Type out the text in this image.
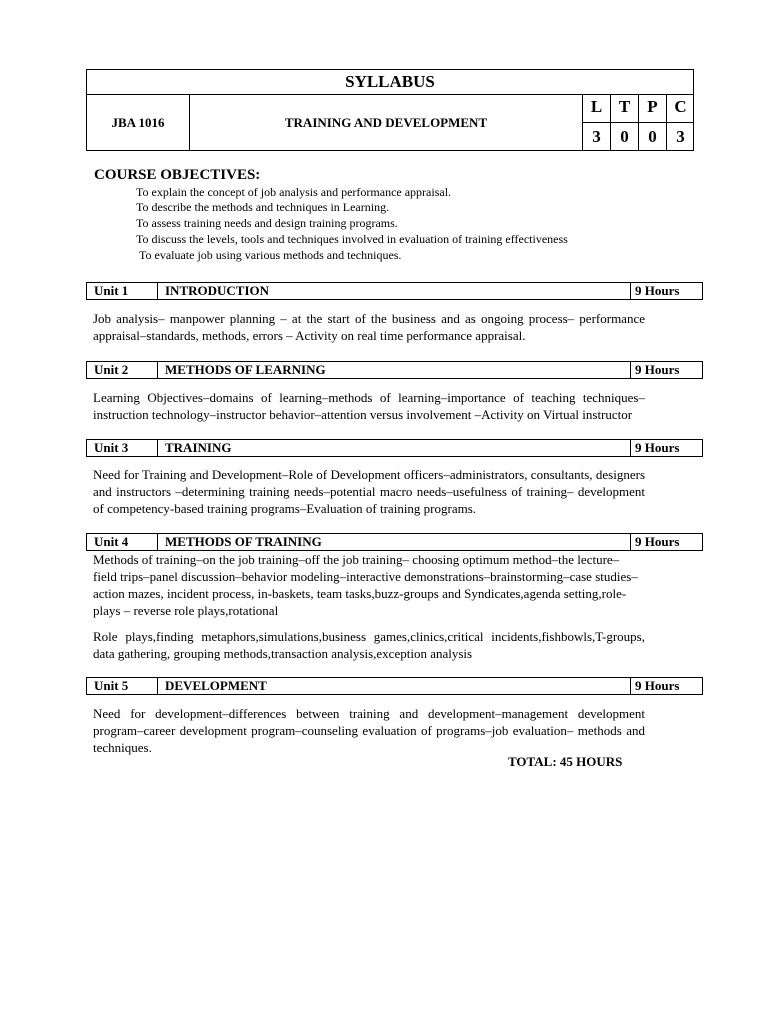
SYLLABUS
JBA 1016	TRAINING AND DEVELOPMENT
L T	P C
3	0	0	3
COURSE OBJECTIVES:
To explain the concept of job analysis and performance appraisal.
To describe the methods and techniques in Learning.
To assess training needs and design training programs.
To discuss the levels, tools and techniques involved in evaluation of training effectiveness
To evaluate job using various methods and techniques.
Unit 1	INTRODUCTION	9 Hours
Job analysis– manpower planning – at the start of the business and as ongoing process– performance appraisal–standards, methods, errors – Activity on real time performance appraisal.
Unit 2	METHODS OF LEARNING	9 Hours
Learning Objectives–domains of learning–methods of learning–importance of teaching techniques– instruction technology–instructor behavior–attention versus involvement –Activity on Virtual instructor
Unit 3	TRAINING	9 Hours
Need for Training and Development–Role of Development officers–administrators, consultants, designers and instructors –determining training needs–potential macro needs–usefulness of training– development of competency-based training programs–Evaluation of training programs.
Unit 4	METHODS OF TRAINING	9 Hours
Methods of training–on the job training–off the job training– choosing optimum method–the lecture– field trips–panel discussion–behavior modeling–interactive demonstrations–brainstorming–case studies–action mazes, incident process, in-baskets, team tasks,buzz-groups and Syndicates,agenda setting,role-plays – reverse role plays,rotational
Role plays,finding metaphors,simulations,business games,clinics,critical incidents,fishbowls,T-groups, data gathering, grouping methods,transaction analysis,exception analysis
Unit 5	DEVELOPMENT	9 Hours
Need for development–differences between training and development–management development program–career development program–counseling evaluation of programs–job evaluation– methods and techniques.
TOTAL: 45 HOURS
